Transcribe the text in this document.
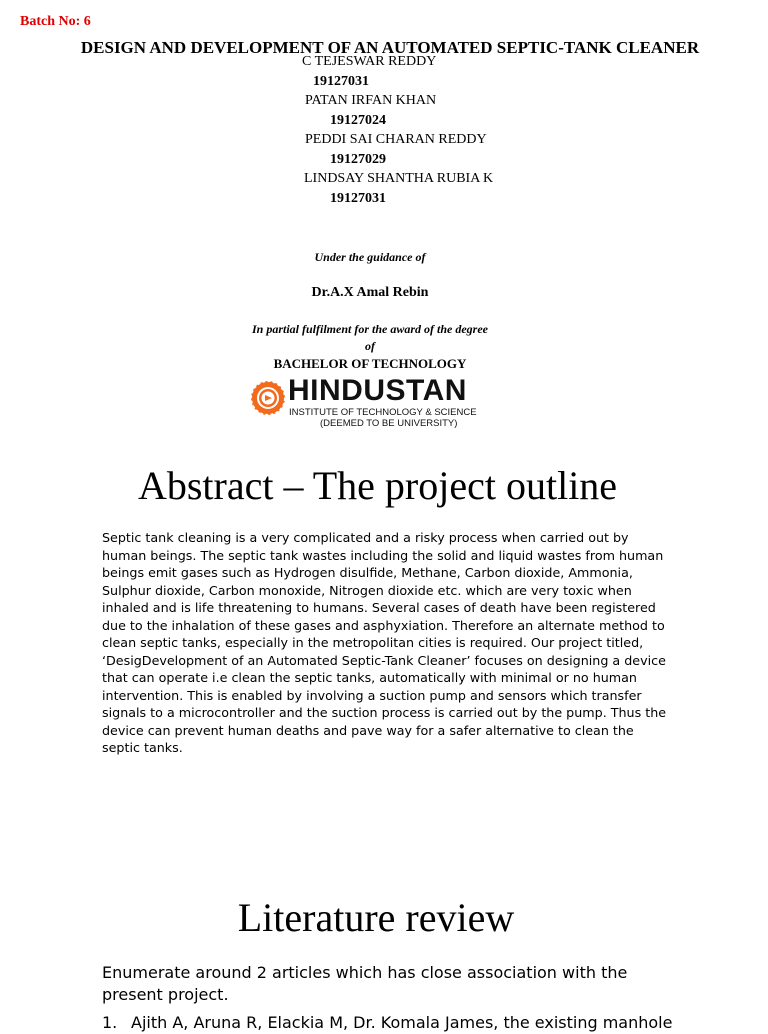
Batch No: 6
DESIGN AND DEVELOPMENT OF AN AUTOMATED SEPTIC-TANK CLEANER
C TEJESWAR REDDY
19127031
PATAN IRFAN KHAN
19127024
PEDDI SAI CHARAN REDDY
19127029
LINDSAY SHANTHA RUBIA K
19127031
Under the guidance of
Dr.A.X Amal Rebin
In partial fulfilment for the award of the degree
of
BACHELOR OF TECHNOLOGY
HINDUSTAN
INSTITUTE OF TECHNOLOGY & SCIENCE
(DEEMED TO BE UNIVERSITY)
Abstract – The project outline
Septic tank cleaning is a very complicated and a risky process when carried out by human beings. The septic tank wastes including the solid and liquid wastes from human beings emit gases such as Hydrogen disulfide, Methane, Carbon dioxide, Ammonia, Sulphur dioxide, Carbon monoxide, Nitrogen dioxide etc. which are very toxic when inhaled and is life threatening to humans. Several cases of death have been registered due to the inhalation of these gases and asphyxiation. Therefore an alternate method to clean septic tanks, especially in the metropolitan cities is required. Our project titled, ‘DesigDevelopment of an Automated Septic-Tank Cleaner’ focuses on designing a device that can operate i.e clean the septic tanks, automatically with minimal or no human intervention. This is enabled by involving a suction pump and sensors which transfer signals to a microcontroller and the suction process is carried out by the pump. Thus the device can prevent human deaths and pave way for a safer alternative to clean the septic tanks.
Literature review
Enumerate around 2 articles which has close association with the present project.
1. Ajith A, Aruna R, Elackia M, Dr. Komala James, the existing manhole
